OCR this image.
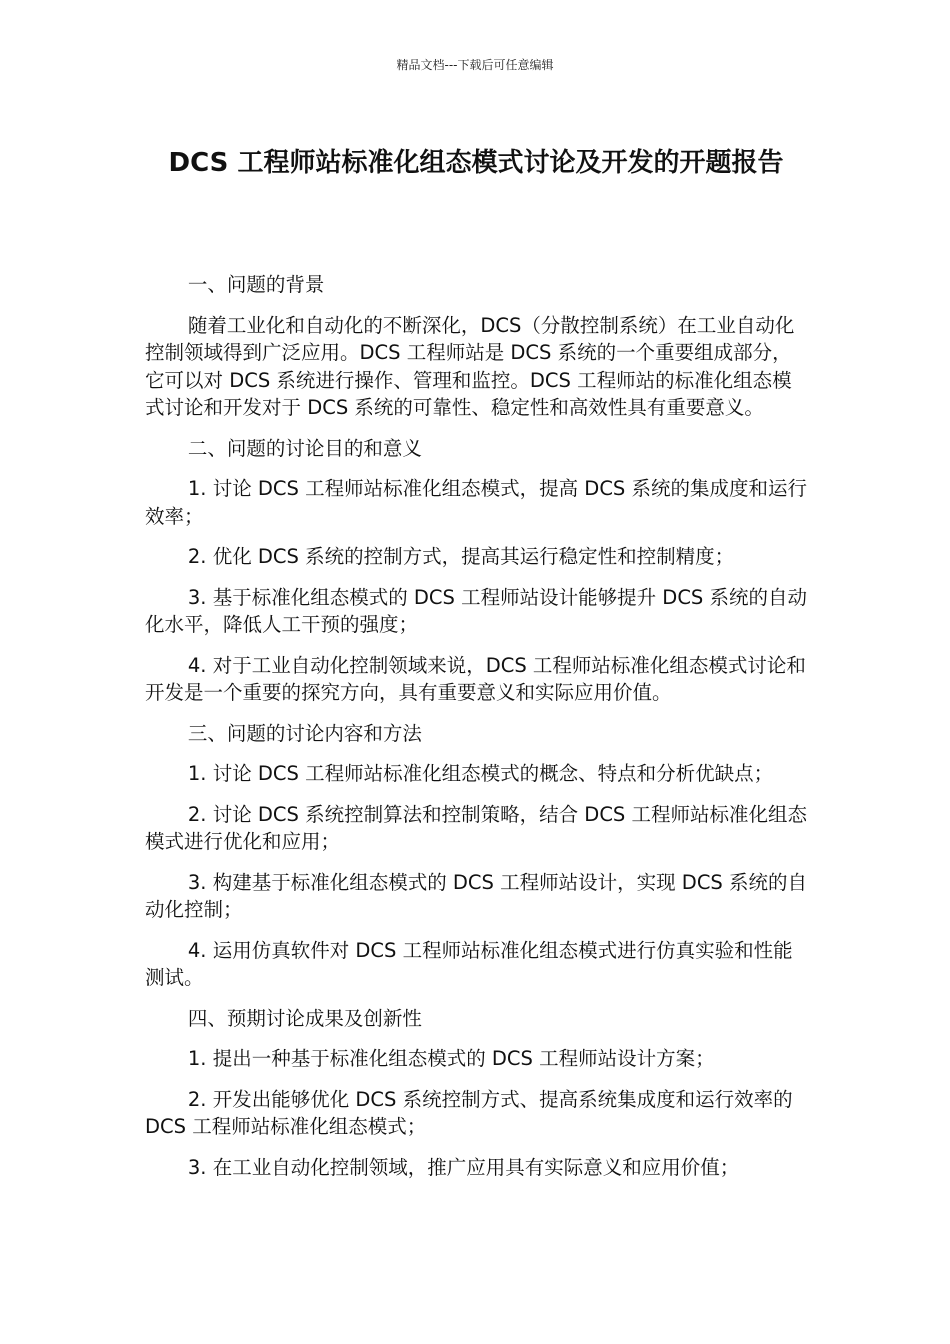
精品文档---下载后可任意编辑
DCS 工程师站标准化组态模式讨论及开发的开题报告

一、问题的背景

随着工业化和自动化的不断深化，DCS（分散控制系统）在工业自动化控制领域得到广泛应用。DCS 工程师站是 DCS 系统的一个重要组成部分，它可以对 DCS 系统进行操作、管理和监控。DCS 工程师站的标准化组态模式讨论和开发对于 DCS 系统的可靠性、稳定性和高效性具有重要意义。

二、问题的讨论目的和意义

1. 讨论 DCS 工程师站标准化组态模式，提高 DCS 系统的集成度和运行效率；

2. 优化 DCS 系统的控制方式，提高其运行稳定性和控制精度；

3. 基于标准化组态模式的 DCS 工程师站设计能够提升 DCS 系统的自动化水平，降低人工干预的强度；

4. 对于工业自动化控制领域来说，DCS 工程师站标准化组态模式讨论和开发是一个重要的探究方向，具有重要意义和实际应用价值。

三、问题的讨论内容和方法

1. 讨论 DCS 工程师站标准化组态模式的概念、特点和分析优缺点；

2. 讨论 DCS 系统控制算法和控制策略，结合 DCS 工程师站标准化组态模式进行优化和应用；

3. 构建基于标准化组态模式的 DCS 工程师站设计，实现 DCS 系统的自动化控制；

4. 运用仿真软件对 DCS 工程师站标准化组态模式进行仿真实验和性能测试。

四、预期讨论成果及创新性

1. 提出一种基于标准化组态模式的 DCS 工程师站设计方案；

2. 开发出能够优化 DCS 系统控制方式、提高系统集成度和运行效率的 DCS 工程师站标准化组态模式；

3. 在工业自动化控制领域，推广应用具有实际意义和应用价值；
